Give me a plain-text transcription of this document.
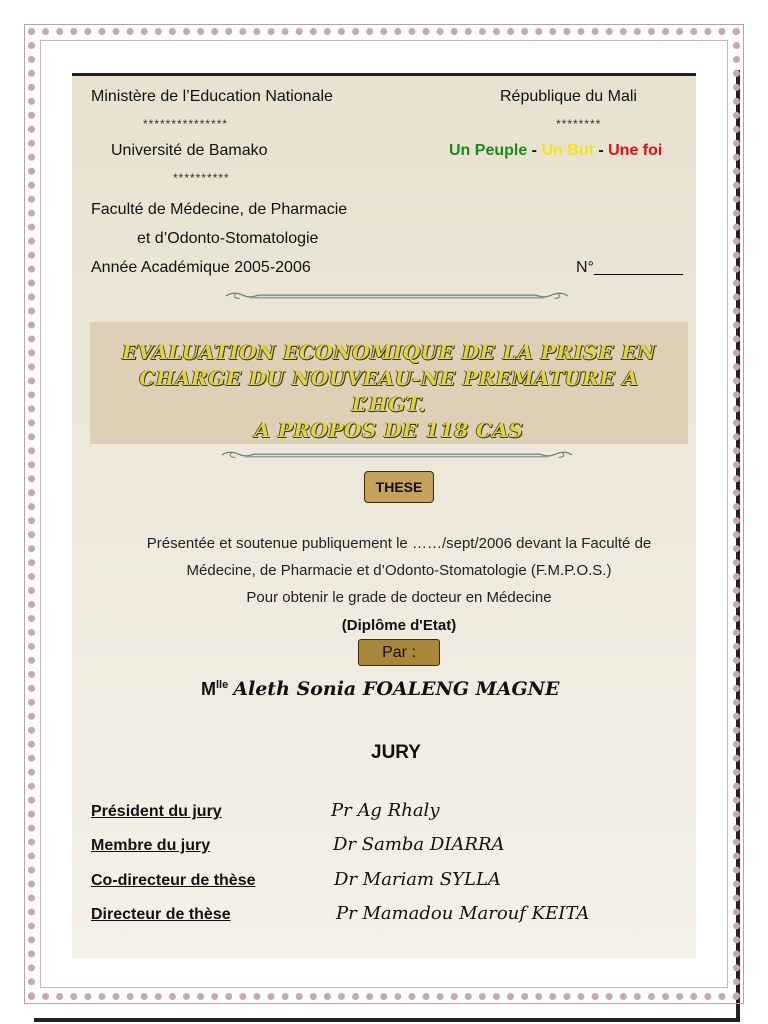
Ministère de l’Education Nationale
***************
Université de Bamako
**********
Faculté de Médecine, de Pharmacie
et d’Odonto-Stomatologie
Année Académique 2005-2006
République du Mali
********
Un Peuple - Un But - Une foi
N°__________
EVALUATION ECONOMIQUE DE LA PRISE EN
CHARGE DU NOUVEAU-NE PREMATURE A
L’HGT.
A PROPOS DE 118 CAS
THESE
Présentée et soutenue publiquement le ……/sept/2006 devant la Faculté de
Médecine, de Pharmacie et d’Odonto-Stomatologie (F.M.P.O.S.)
Pour obtenir le grade de docteur en Médecine
(Diplôme d'Etat)
Par :
$M^{lle}$ Aleth Sonia FOALENG MAGNE
JURY
Président du jury	Pr Ag Rhaly
Membre du jury	Dr Samba DIARRA
Co-directeur de thèse	Dr Mariam SYLLA
Directeur de thèse	Pr Mamadou Marouf KEITA
